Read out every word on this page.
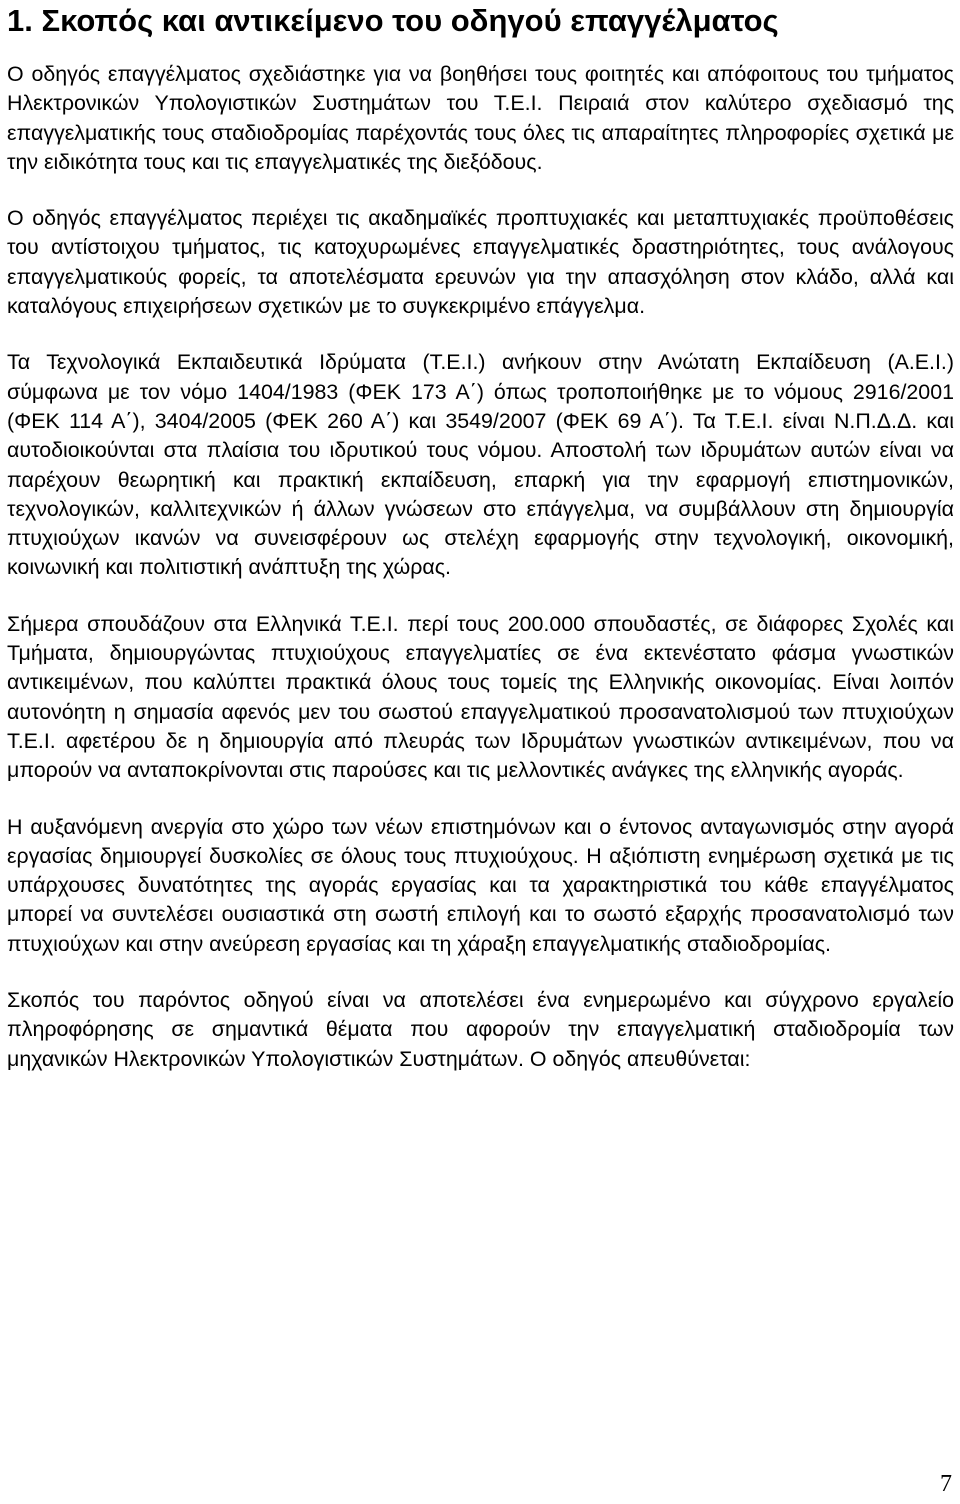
1. Σκοπός και αντικείμενο του οδηγού επαγγέλματος

Ο οδηγός επαγγέλματος σχεδιάστηκε για να βοηθήσει τους φοιτητές και απόφοιτους του τμήματος Ηλεκτρονικών Υπολογιστικών Συστημάτων του Τ.Ε.Ι. Πειραιά στον καλύτερο σχεδιασμό της επαγγελματικής τους σταδιοδρομίας παρέχοντάς τους όλες τις απαραίτητες πληροφορίες σχετικά με την ειδικότητα τους και τις επαγγελματικές της διεξόδους.

Ο οδηγός επαγγέλματος περιέχει τις ακαδημαϊκές προπτυχιακές και μεταπτυχιακές προϋποθέσεις του αντίστοιχου τμήματος, τις κατοχυρωμένες επαγγελματικές δραστηριότητες, τους ανάλογους επαγγελματικούς φορείς, τα αποτελέσματα ερευνών για την απασχόληση στον κλάδο, αλλά και καταλόγους επιχειρήσεων σχετικών με το συγκεκριμένο επάγγελμα.

Τα Τεχνολογικά Εκπαιδευτικά Ιδρύματα (Τ.Ε.Ι.) ανήκουν στην Ανώτατη Εκπαίδευση (Α.Ε.Ι.) σύμφωνα με τον νόμο 1404/1983 (ΦΕΚ 173 Α΄) όπως τροποποιήθηκε με το νόμους 2916/2001 (ΦΕΚ 114 Α΄), 3404/2005 (ΦΕΚ 260 Α΄) και 3549/2007 (ΦΕΚ 69 Α΄). Τα Τ.Ε.Ι. είναι Ν.Π.Δ.Δ. και αυτοδιοικούνται στα πλαίσια του ιδρυτικού τους νόμου. Αποστολή των ιδρυμάτων αυτών είναι να παρέχουν θεωρητική και πρακτική εκπαίδευση, επαρκή για την εφαρμογή επιστημονικών, τεχνολογικών, καλλιτεχνικών ή άλλων γνώσεων στο επάγγελμα, να συμβάλλουν στη δημιουργία πτυχιούχων ικανών να συνεισφέρουν ως στελέχη εφαρμογής στην τεχνολογική, οικονομική, κοινωνική και πολιτιστική ανάπτυξη της χώρας.

Σήμερα σπουδάζουν στα Ελληνικά Τ.Ε.Ι. περί τους 200.000 σπουδαστές, σε διάφορες Σχολές και Τμήματα, δημιουργώντας πτυχιούχους επαγγελματίες σε ένα εκτενέστατο φάσμα γνωστικών αντικειμένων, που καλύπτει πρακτικά όλους τους τομείς της Ελληνικής οικονομίας. Είναι λοιπόν αυτονόητη η σημασία αφενός μεν του σωστού επαγγελματικού προσανατολισμού των πτυχιούχων Τ.Ε.Ι. αφετέρου δε η δημιουργία από πλευράς των Ιδρυμάτων γνωστικών αντικειμένων, που να μπορούν να ανταποκρίνονται στις παρούσες και τις μελλοντικές ανάγκες της ελληνικής αγοράς.

Η αυξανόμενη ανεργία στο χώρο των νέων επιστημόνων και ο έντονος ανταγωνισμός στην αγορά εργασίας δημιουργεί δυσκολίες σε όλους τους πτυχιούχους. Η αξιόπιστη ενημέρωση σχετικά με τις υπάρχουσες δυνατότητες της αγοράς εργασίας και τα χαρακτηριστικά του κάθε επαγγέλματος μπορεί να συντελέσει ουσιαστικά στη σωστή επιλογή και το σωστό εξαρχής προσανατολισμό των πτυχιούχων και στην ανεύρεση εργασίας και τη χάραξη επαγγελματικής σταδιοδρομίας.

Σκοπός του παρόντος οδηγού είναι να αποτελέσει ένα ενημερωμένο και σύγχρονο εργαλείο πληροφόρησης σε σημαντικά θέματα που αφορούν την επαγγελματική σταδιοδρομία των μηχανικών Ηλεκτρονικών Υπολογιστικών Συστημάτων. Ο οδηγός απευθύνεται:

7
